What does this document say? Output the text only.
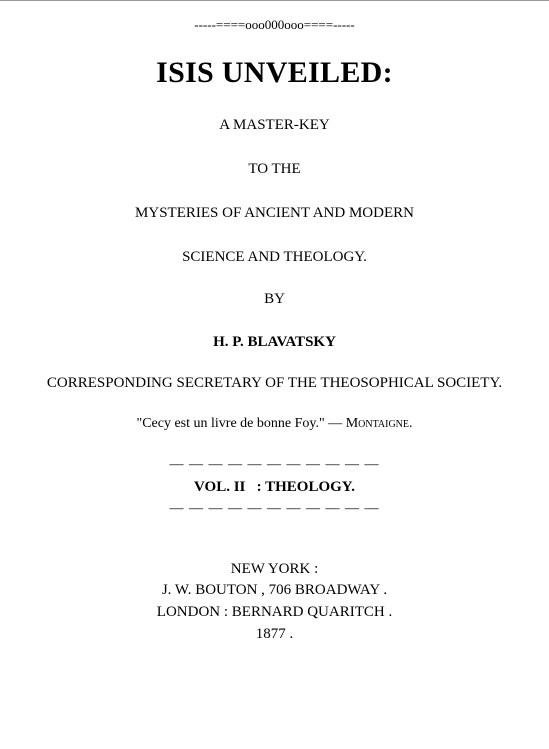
-----====ooo000ooo====-----
ISIS UNVEILED:
A MASTER-KEY
TO THE
MYSTERIES OF ANCIENT AND MODERN
SCIENCE AND THEOLOGY.
BY
H. P. BLAVATSKY
CORRESPONDING SECRETARY OF THE THEOSOPHICAL SOCIETY.
"Cecy est un livre de bonne Foy." — Montaigne.
— — — — — — — — — — —
VOL. II   : THEOLOGY.
— — — — — — — — — — —
NEW YORK :
J. W. BOUTON , 706 BROADWAY .
LONDON : BERNARD QUARITCH .
1877 .
